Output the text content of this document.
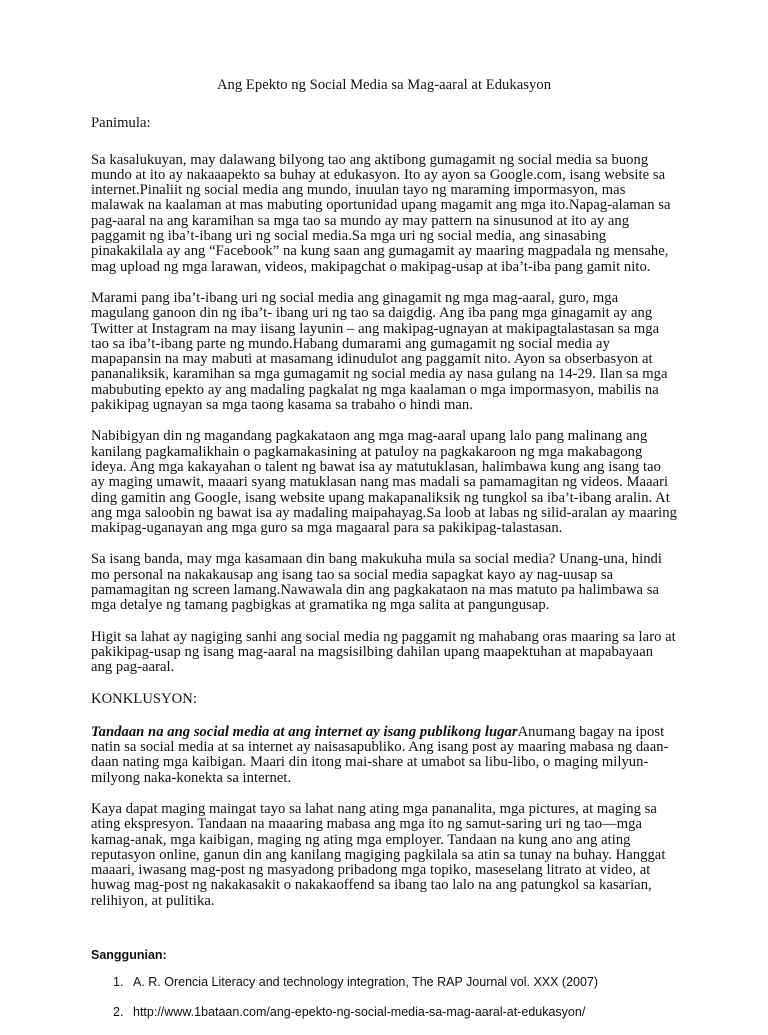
Ang Epekto ng Social Media sa Mag-aaral at Edukasyon
Panimula:

Sa kasalukuyan, may dalawang bilyong tao ang aktibong gumagamit ng social media sa buong mundo at ito ay nakaaapekto sa buhay at edukasyon. Ito ay ayon sa Google.com, isang website sa internet.Pinaliit ng social media ang mundo, inuulan tayo ng maraming impormasyon, mas malawak na kaalaman at mas mabuting oportunidad upang magamit ang mga ito.Napag-alaman sa pag-aaral na ang karamihan sa mga tao sa mundo ay may pattern na sinusunod at ito ay ang paggamit ng iba’t-ibang uri ng social media.Sa mga uri ng social media, ang sinasabing pinakakilala ay ang “Facebook” na kung saan ang gumagamit ay maaring magpadala ng mensahe, mag upload ng mga larawan, videos, makipagchat o makipag-usap at iba’t-iba pang gamit nito.

Marami pang iba’t-ibang uri ng social media ang ginagamit ng mga mag-aaral, guro, mga magulang ganoon din ng iba’t- ibang uri ng tao sa daigdig. Ang iba pang mga ginagamit ay ang Twitter at Instagram na may iisang layunin – ang makipag-ugnayan at makipagtalastasan sa mga tao sa iba’t-ibang parte ng mundo.Habang dumarami ang gumagamit ng social media ay mapapansin na may mabuti at masamang idinudulot ang paggamit nito. Ayon sa obserbasyon at pananaliksik, karamihan sa mga gumagamit ng social media ay nasa gulang na 14-29. Ilan sa mga mabubuting epekto ay ang madaling pagkalat ng mga kaalaman o mga impormasyon, mabilis na pakikipag ugnayan sa mga taong kasama sa trabaho o hindi man.

Nabibigyan din ng magandang pagkakataon ang mga mag-aaral upang lalo pang malinang ang kanilang pagkamalikhain o pagkamakasining at patuloy na pagkakaroon ng mga makabagong ideya. Ang mga kakayahan o talent ng bawat isa ay matutuklasan, halimbawa kung ang isang tao ay maging umawit, maaari syang matuklasan nang mas madali sa pamamagitan ng videos. Maaari ding gamitin ang Google, isang website upang makapanaliksik ng tungkol sa iba’t-ibang aralin. At ang mga saloobin ng bawat isa ay madaling maipahayag.Sa loob at labas ng silid-aralan ay maaring makipag-uganayan ang mga guro sa mga magaaral para sa pakikipag-talastasan.

Sa isang banda, may mga kasamaan din bang makukuha mula sa social media? Unang-una, hindi mo personal na nakakausap ang isang tao sa social media sapagkat kayo ay nag-uusap sa pamamagitan ng screen lamang.Nawawala din ang pagkakataon na mas matuto pa halimbawa sa mga detalye ng tamang pagbigkas at gramatika ng mga salita at pangungusap.

Higit sa lahat ay nagiging sanhi ang social media ng paggamit ng mahabang oras maaring sa laro at pakikipag-usap ng isang mag-aaral na magsisilbing dahilan upang maapektuhan at mapabayaan ang pag-aaral.

KONKLUSYON:

Tandaan na ang social media at ang internet ay isang publikong lugarAnumang bagay na ipost natin sa social media at sa internet ay naisasapubliko. Ang isang post ay maaring mabasa ng daan-daan nating mga kaibigan. Maari din itong mai-share at umabot sa libu-libo, o maging milyun-milyong naka-konekta sa internet.

Kaya dapat maging maingat tayo sa lahat nang ating mga pananalita, mga pictures, at maging sa ating ekspresyon. Tandaan na maaaring mabasa ang mga ito ng samut-saring uri ng tao—mga kamag-anak, mga kaibigan, maging ng ating mga employer. Tandaan na kung ano ang ating reputasyon online, ganun din ang kanilang magiging pagkilala sa atin sa tunay na buhay. Hanggat maaari, iwasang mag-post ng masyadong pribadong mga topiko, maseselang litrato at video, at huwag mag-post ng nakakasakit o nakakaoffend sa ibang tao lalo na ang patungkol sa kasarian, relihiyon, at pulitika.

Sanggunian:
1. A. R. Orencia Literacy and technology integration, The RAP Journal vol. XXX (2007)
2. http://www.1bataan.com/ang-epekto-ng-social-media-sa-mag-aaral-at-edukasyon/
